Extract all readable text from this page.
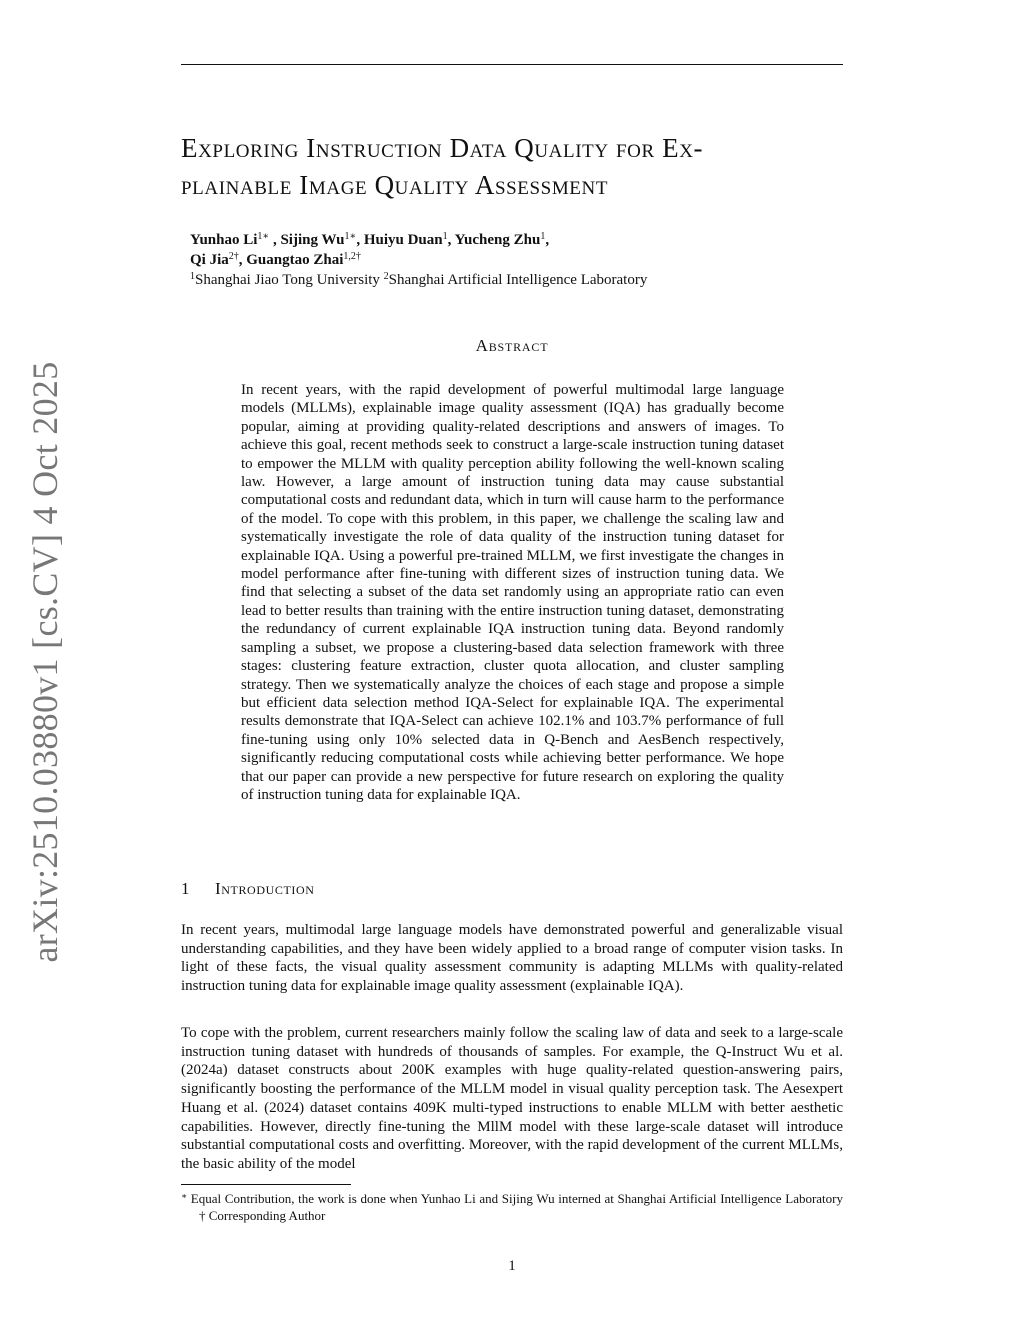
arXiv:2510.03880v1 [cs.CV] 4 Oct 2025
Exploring Instruction Data Quality for Ex-
plainable Image Quality Assessment
Yunhao $Li^{1∗}$ , Sijing $Wu^{1∗}$, Huiyu Duan$^1$, Yucheng Zhu$^1$,
Qi Jia$^{2\dagger}$, Guangtao Zhai$^{1,2\dagger}$
$^1$Shanghai Jiao Tong University $^2$Shanghai Artificial Intelligence Laboratory
Abstract

In recent years, with the rapid development of powerful multimodal large language models (MLLMs), explainable image quality assessment (IQA) has gradually become popular, aiming at providing quality-related descriptions and answers of images. To achieve this goal, recent methods seek to construct a large-scale instruction tuning dataset to empower the MLLM with quality perception ability following the well-known scaling law. However, a large amount of instruction tuning data may cause substantial computational costs and redundant data, which in turn will cause harm to the performance of the model. To cope with this problem, in this paper, we challenge the scaling law and systematically investigate the role of data quality of the instruction tuning dataset for explainable IQA. Using a powerful pre-trained MLLM, we first investigate the changes in model performance after fine-tuning with different sizes of instruction tuning data. We find that selecting a subset of the data set randomly using an appropriate ratio can even lead to better results than training with the entire instruction tuning dataset, demonstrating the redundancy of current explainable IQA instruction tuning data. Beyond randomly sampling a subset, we propose a clustering-based data selection framework with three stages: clustering feature extraction, cluster quota allocation, and cluster sampling strategy. Then we systematically analyze the choices of each stage and propose a simple but efficient data selection method IQA-Select for explainable IQA. The experimental results demonstrate that IQA-Select can achieve 102.1% and 103.7% performance of full fine-tuning using only 10% selected data in Q-Bench and AesBench respectively, significantly reducing computational costs while achieving better performance. We hope that our paper can provide a new perspective for future research on exploring the quality of instruction tuning data for explainable IQA.

1 Introduction

In recent years, multimodal large language models have demonstrated powerful and generalizable visual understanding capabilities, and they have been widely applied to a broad range of computer vision tasks. In light of these facts, the visual quality assessment community is adapting MLLMs with quality-related instruction tuning data for explainable image quality assessment (explainable IQA).

To cope with the problem, current researchers mainly follow the scaling law of data and seek to a large-scale instruction tuning dataset with hundreds of thousands of samples. For example, the Q-Instruct Wu et al. (2024a) dataset constructs about 200K examples with huge quality-related question-answering pairs, significantly boosting the performance of the MLLM model in visual quality perception task. The Aesexpert Huang et al. (2024) dataset contains 409K multi-typed instructions to enable MLLM with better aesthetic capabilities. However, directly fine-tuning the MllM model with these large-scale dataset will introduce substantial computational costs and overfitting. Moreover, with the rapid development of the current MLLMs, the basic ability of the model

∗ Equal Contribution, the work is done when Yunhao Li and Sijing Wu interned at Shanghai Artificial Intelligence Laboratory† Corresponding Author

1
